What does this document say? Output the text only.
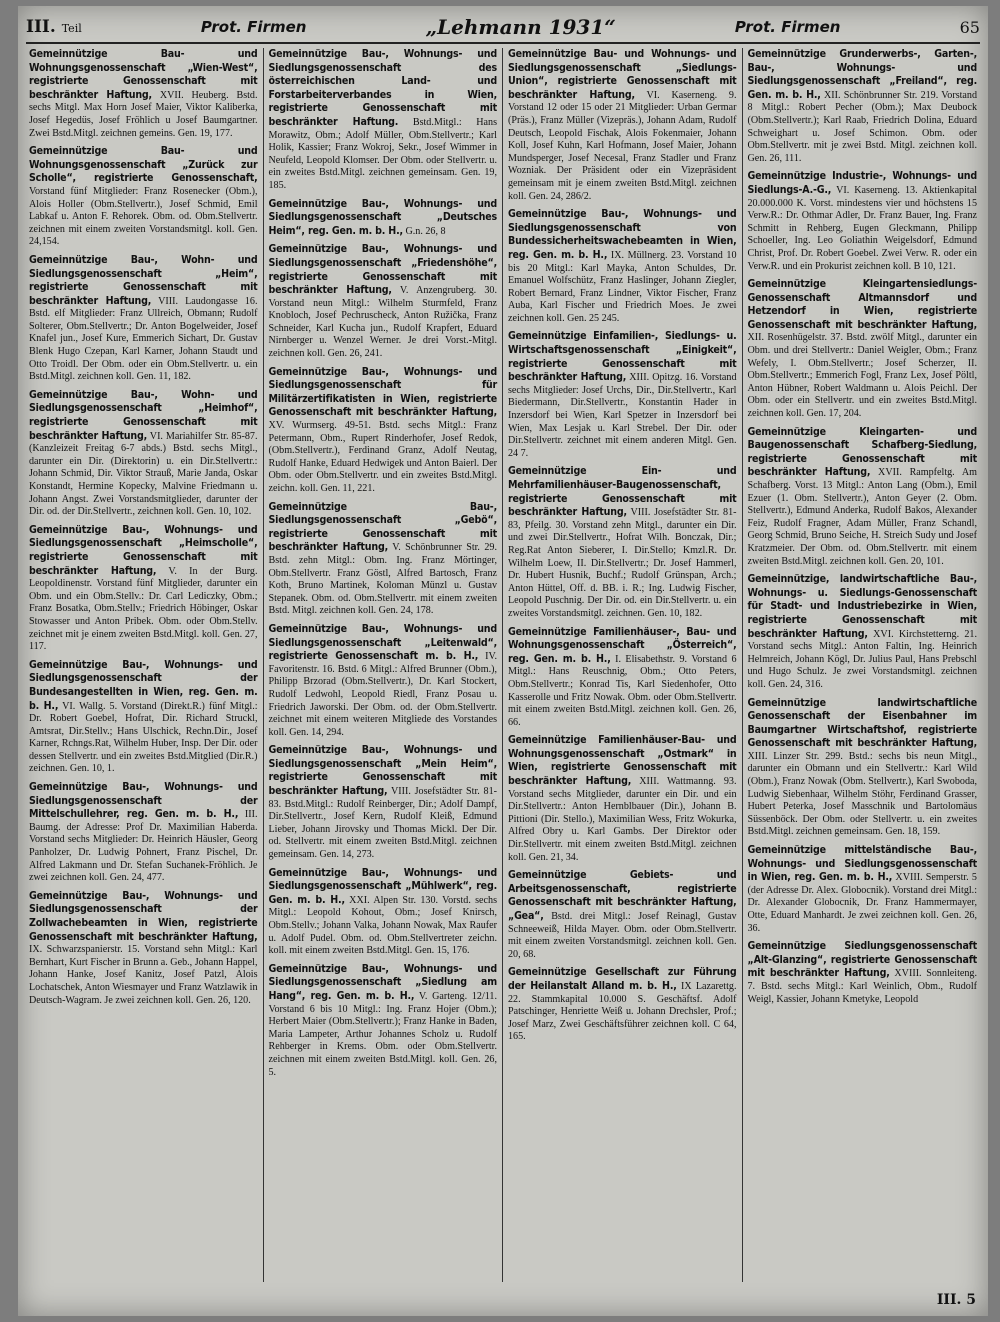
III. Teil	Prot. Firmen	„Lehmann 1931“	Prot. Firmen	65

Gemeinnützige Bau- und Wohnungsgenossenschaft „Wien-West“, registrierte Genossenschaft mit beschränkter Haftung, XVII. Heuberg. Bstd. sechs Mitgl. Max Horn Josef Maier, Viktor Kaliberka, Josef Hegedüs, Josef Fröhlich u Josef Baumgartner. Zwei Bstd.Mitgl. zeichnen gemeins. Gen. 19, 177.

Gemeinnützige Bau- und Wohnungsgenossenschaft „Zurück zur Scholle“, registrierte Genossenschaft, Vorstand fünf Mitglieder: Franz Rosenecker (Obm.), Alois Holler (Obm.Stellvertr.), Josef Schmid, Emil Labkaf u. Anton F. Rehorek. Obm. od. Obm.Stellvertr. zeichnen mit einem zweiten Vorstandsmitgl. koll. Gen. 24,154.

Gemeinnützige Bau-, Wohn- und Siedlungsgenossenschaft „Heim“, registrierte Genossenschaft mit beschränkter Haftung, VIII. Laudongasse 16. Bstd. elf Mitglieder: Franz Ullreich, Obmann; Rudolf Solterer, Obm.Stellvertr.; Dr. Anton Bogelweider, Josef Knafel jun., Josef Kure, Emmerich Sichart, Dr. Gustav Blenk Hugo Czepan, Karl Karner, Johann Staudt und Otto Troidl. Der Obm. oder ein Obm.Stellvertr. u. ein Bstd.Mitgl. zeichnen koll. Gen. 11, 182.

Gemeinnützige Bau-, Wohn- und Siedlungsgenossenschaft „Heimhof“, registrierte Genossenschaft mit beschränkter Haftung, VI. Mariahilfer Str. 85-87. (Kanzleizeit Freitag 6-7 abds.) Bstd. sechs Mitgl., darunter ein Dir. (Direktorin) u. ein Dir.Stellvertr.: Johann Schmid, Dir. Viktor Strauß, Marie Janda, Oskar Konstandt, Hermine Kopecky, Malvine Friedmann u. Johann Angst. Zwei Vorstandsmitglieder, darunter der Dir. od. der Dir.Stellvertr., zeichnen koll. Gen. 10, 102.

Gemeinnützige Bau-, Wohnungs- und Siedlungsgenossenschaft „Heimscholle“, registrierte Genossenschaft mit beschränkter Haftung, V. In der Burg. Leopoldinenstr. Vorstand fünf Mitglieder, darunter ein Obm. und ein Obm.Stellv.: Dr. Carl Lediczky, Obm.; Franz Bosatka, Obm.Stellv.; Friedrich Höbinger, Oskar Stowasser und Anton Pribek. Obm. oder Obm.Stellv. zeichnet mit je einem zweiten Bstd.Mitgl. koll. Gen. 27, 117.

Gemeinnützige Bau-, Wohnungs- und Siedlungsgenossenschaft der Bundesangestellten in Wien, reg. Gen. m. b. H., VI. Wallg. 5. Vorstand (Direkt.R.) fünf Mitgl.: Dr. Robert Goebel, Hofrat, Dir. Richard Struckl, Amtsrat, Dir.Stellv.; Hans Ulschick, Rechn.Dir., Josef Karner, Rchngs.Rat, Wilhelm Huber, Insp. Der Dir. oder dessen Stellvertr. und ein zweites Bstd.Mitglied (Dir.R.) zeichnen. Gen. 10, 1.

Gemeinnützige Bau-, Wohnungs- und Siedlungsgenossenschaft der Mittelschullehrer, reg. Gen. m. b. H., III. Baumg. der Adresse: Prof Dr. Maximilian Haberda. Vorstand sechs Mitglieder: Dr. Heinrich Häusler, Georg Panholzer, Dr. Ludwig Pohnert, Franz Pischel, Dr. Alfred Lakmann und Dr. Stefan Suchanek-Fröhlich. Je zwei zeichnen koll. Gen. 24, 477.

Gemeinnützige Bau-, Wohnungs- und Siedlungsgenossenschaft der Zollwachebeamten in Wien, registrierte Genossenschaft mit beschränkter Haftung, IX. Schwarzspanierstr. 15. Vorstand sehn Mitgl.: Karl Bernhart, Kurt Fischer in Brunn a. Geb., Johann Happel, Johann Hanke, Josef Kanitz, Josef Patzl, Alois Lochatschek, Anton Wiesmayer und Franz Watzlawik in Deutsch-Wagram. Je zwei zeichnen koll. Gen. 26, 120.

Gemeinnützige Bau-, Wohnungs- und Siedlungsgenossenschaft des österreichischen Land- und Forstarbeiterverbandes in Wien, registrierte Genossenschaft mit beschränkter Haftung. Bstd.Mitgl.: Hans Morawitz, Obm.; Adolf Müller, Obm.Stellvertr.; Karl Holik, Kassier; Franz Wokroj, Sekr., Josef Wimmer in Neufeld, Leopold Klomser. Der Obm. oder Stellvertr. u. ein zweites Bstd.Mitgl. zeichnen gemeinsam. Gen. 19, 185.

Gemeinnützige Bau-, Wohnungs- und Siedlungsgenossenschaft „Deutsches Heim“, reg. Gen. m. b. H., G.n. 26, 8

Gemeinnützige Bau-, Wohnungs- und Siedlungsgenossenschaft „Friedenshöhe“, registrierte Genossenschaft mit beschränkter Haftung, V. Anzengruberg. 30. Vorstand neun Mitgl.: Wilhelm Sturmfeld, Franz Knobloch, Josef Pechruscheck, Anton Ružička, Franz Schneider, Karl Kucha jun., Rudolf Krapfert, Eduard Nirnberger u. Wenzel Werner. Je drei Vorst.-Mitgl. zeichnen koll. Gen. 26, 241.

Gemeinnützige Bau-, Wohnungs- und Siedlungsgenossenschaft für Militärzertifikatisten in Wien, registrierte Genossenschaft mit beschränkter Haftung, XV. Wurmserg. 49-51. Bstd. sechs Mitgl.: Franz Petermann, Obm., Rupert Rinderhofer, Josef Redok, (Obm.Stellvertr.), Ferdinand Granz, Adolf Neutag, Rudolf Hanke, Eduard Hedwigek und Anton Baierl. Der Obm. oder Obm.Stellvertr. und ein zweites Bstd.Mitgl. zeichn. koll. Gen. 11, 221.

Gemeinnützige Bau-, Siedlungsgenossenschaft „Gebö“, registrierte Genossenschaft mit beschränkter Haftung, V. Schönbrunner Str. 29. Bstd. zehn Mitgl.: Obm. Ing. Franz Mörtinger, Obm.Stellvertr. Franz Göstl, Alfred Bartosch, Franz Koth, Bruno Martinek, Koloman Münzl u. Gustav Stepanek. Obm. od. Obm.Stellvertr. mit einem zweiten Bstd. Mitgl. zeichnen koll. Gen. 24, 178.

Gemeinnützige Bau-, Wohnungs- und Siedlungsgenossenschaft „Leitenwald“, registrierte Genossenschaft m. b. H., IV. Favoritenstr. 16. Bstd. 6 Mitgl.: Alfred Brunner (Obm.), Philipp Brzorad (Obm.Stellvertr.), Dr. Karl Stockert, Rudolf Ledwohl, Leopold Riedl, Franz Posau u. Friedrich Jaworski. Der Obm. od. der Obm.Stellvertr. zeichnet mit einem weiteren Mitgliede des Vorstandes koll. Gen. 14, 294.

Gemeinnützige Bau-, Wohnungs- und Siedlungsgenossenschaft „Mein Heim“, registrierte Genossenschaft mit beschränkter Haftung, VIII. Josefstädter Str. 81-83. Bstd.Mitgl.: Rudolf Reinberger, Dir.; Adolf Dampf, Dir.Stellvertr., Josef Kern, Rudolf Kleiß, Edmund Lieber, Johann Jirovsky und Thomas Mickl. Der Dir. od. Stellvertr. mit einem zweiten Bstd.Mitgl. zeichnen gemeinsam. Gen. 14, 273.

Gemeinnützige Bau-, Wohnungs- und Siedlungsgenossenschaft „Mühlwerk“, reg. Gen. m. b. H., XXI. Alpen Str. 130. Vorstd. sechs Mitgl.: Leopold Kohout, Obm.; Josef Knirsch, Obm.Stellv.; Johann Valka, Johann Nowak, Max Raufer u. Adolf Pudel. Obm. od. Obm.Stellvertreter zeichn. koll. mit einem zweiten Bstd.Mitgl. Gen. 15, 176.

Gemeinnützige Bau-, Wohnungs- und Siedlungsgenossenschaft „Siedlung am Hang“, reg. Gen. m. b. H., V. Garteng. 12/11. Vorstand 6 bis 10 Mitgl.: Ing. Franz Hojer (Obm.); Herbert Maier (Obm.Stellvertr.); Franz Hanke in Baden, Maria Lampeter, Arthur Johannes Scholz u. Rudolf Rehberger in Krems. Obm. oder Obm.Stellvertr. zeichnen mit einem zweiten Bstd.Mitgl. koll. Gen. 26, 5.

Gemeinnützige Bau- und Wohnungs- und Siedlungsgenossenschaft „Siedlungs-Union“, registrierte Genossenschaft mit beschränkter Haftung, VI. Kaserneng. 9. Vorstand 12 oder 15 oder 21 Mitglieder: Urban Germar (Präs.), Franz Müller (Vizepräs.), Johann Adam, Rudolf Deutsch, Leopold Fischak, Alois Fokenmaier, Johann Koll, Josef Kuhn, Karl Hofmann, Josef Maier, Johann Mundsperger, Josef Necesal, Franz Stadler und Franz Wozniak. Der Präsident oder ein Vizepräsident gemeinsam mit je einem zweiten Bstd.Mitgl. zeichnen koll. Gen. 24, 286/2.

Gemeinnützige Bau-, Wohnungs- und Siedlungsgenossenschaft von Bundessicherheitswachebeamten in Wien, reg. Gen. m. b. H., IX. Müllnerg. 23. Vorstand 10 bis 20 Mitgl.: Karl Mayka, Anton Schuldes, Dr. Emanuel Wolfschütz, Franz Haslinger, Johann Ziegler, Robert Bernard, Franz Lindner, Viktor Fischer, Franz Auba, Karl Fischer und Friedrich Moes. Je zwei zeichnen koll. Gen. 25 245.

Gemeinnützige Einfamilien-, Siedlungs- u. Wirtschaftsgenossenschaft „Einigkeit“, registrierte Genossenschaft mit beschränkter Haftung, XIII. Opitzg. 16. Vorstand sechs Mitglieder: Josef Urchs, Dir., Dir.Stellvertr., Karl Biedermann, Dir.Stellvertr., Konstantin Hader in Inzersdorf bei Wien, Karl Spetzer in Inzersdorf bei Wien, Max Lesjak u. Karl Strebel. Der Dir. oder Dir.Stellvertr. zeichnet mit einem anderen Mitgl. Gen. 24 7.

Gemeinnützige Ein- und Mehrfamilienhäuser-Baugenossenschaft, registrierte Genossenschaft mit beschränkter Haftung, VIII. Josefstädter Str. 81-83, Pfeilg. 30. Vorstand zehn Mitgl., darunter ein Dir. und zwei Dir.Stellvertr., Hofrat Wilh. Bonczak, Dir.; Reg.Rat Anton Sieberer, I. Dir.Stello; Kmzl.R. Dr. Wilhelm Loew, II. Dir.Stellvertr.; Dr. Josef Hammerl, Dr. Hubert Husnik, Buchf.; Rudolf Grünspan, Arch.; Anton Hüttel, Off. d. BB. i. R.; Ing. Ludwig Fischer, Leopold Puschnig. Der Dir. od. ein Dir.Stellvertr. u. ein zweites Vorstandsmitgl. zeichnen. Gen. 10, 182.

Gemeinnützige Familienhäuser-, Bau- und Wohnungsgenossenschaft „Österreich“, reg. Gen. m. b. H., I. Elisabethstr. 9. Vorstand 6 Mitgl.: Hans Reuschnig, Obm.; Otto Peters, Obm.Stellvertr.; Konrad Tis, Karl Siedenhofer, Otto Kasserolle und Fritz Nowak. Obm. oder Obm.Stellvertr. mit einem zweiten Bstd.Mitgl. zeichnen koll. Gen. 26, 66.

Gemeinnützige Familienhäuser-Bau- und Wohnungsgenossenschaft „Ostmark“ in Wien, registrierte Genossenschaft mit beschränkter Haftung, XIII. Wattmanng. 93. Vorstand sechs Mitglieder, darunter ein Dir. und ein Dir.Stellvertr.: Anton Hernblbauer (Dir.), Johann B. Pittioni (Dir. Stello.), Maximilian Wess, Fritz Wokurka, Alfred Obry u. Karl Gambs. Der Direktor oder Dir.Stellvertr. mit einem zweiten Bstd.Mitgl. zeichnen koll. Gen. 21, 34.

Gemeinnützige Gebiets- und Arbeitsgenossenschaft, registrierte Genossenschaft mit beschränkter Haftung, „Gea“, Bstd. drei Mitgl.: Josef Reinagl, Gustav Schneeweiß, Hilda Mayer. Obm. oder Obm.Stellvertr. mit einem zweiten Vorstandsmitgl. zeichnen koll. Gen. 20, 68.

Gemeinnützige Gesellschaft zur Führung der Heilanstalt Alland m. b. H., IX Lazarettg. 22. Stammkapital 10.000 S. Geschäftsf. Adolf Patschinger, Henriette Weiß u. Johann Drechsler, Prof.; Josef Marz, Zwei Geschäftsführer zeichnen koll. C 64, 165.

Gemeinnützige Grunderwerbs-, Garten-, Bau-, Wohnungs- und Siedlungsgenossenschaft „Freiland“, reg. Gen. m. b. H., XII. Schönbrunner Str. 219. Vorstand 8 Mitgl.: Robert Pecher (Obm.); Max Deubock (Obm.Stellvertr.); Karl Raab, Friedrich Dolina, Eduard Schweighart u. Josef Schimon. Obm. oder Obm.Stellvertr. mit je zwei Bstd. Mitgl. zeichnen koll. Gen. 26, 111.

Gemeinnützige Industrie-, Wohnungs- und Siedlungs-A.-G., VI. Kaserneng. 13. Aktienkapital 20.000.000 K. Vorst. mindestens vier und höchstens 15 Verw.R.: Dr. Othmar Adler, Dr. Franz Bauer, Ing. Franz Schmitt in Rehberg, Eugen Gleckmann, Philipp Schoeller, Ing. Leo Goliathin Weigelsdorf, Edmund Christ, Prof. Dr. Robert Goebel. Zwei Verw. R. oder ein Verw.R. und ein Prokurist zeichnen koll. B 10, 121.

Gemeinnützige Kleingartensiedlungs-Genossenschaft Altmannsdorf und Hetzendorf in Wien, registrierte Genossenschaft mit beschränkter Haftung, XII. Rosenhügelstr. 37. Bstd. zwölf Mitgl., darunter ein Obm. und drei Stellvertr.: Daniel Weigler, Obm.; Franz Wefely, I. Obm.Stellvertr.; Josef Scherzer, II. Obm.Stellvertr.; Emmerich Fogl, Franz Lex, Josef Pöltl, Anton Hübner, Robert Waldmann u. Alois Peichl. Der Obm. oder ein Stellvertr. und ein zweites Bstd.Mitgl. zeichnen koll. Gen. 17, 204.

Gemeinnützige Kleingarten- und Baugenossenschaft Schafberg-Siedlung, registrierte Genossenschaft mit beschränkter Haftung, XVII. Rampfeltg. Am Schafberg. Vorst. 13 Mitgl.: Anton Lang (Obm.), Emil Ezuer (1. Obm. Stellvertr.), Anton Geyer (2. Obm. Stellvertr.), Edmund Anderka, Rudolf Bakos, Alexander Feiz, Rudolf Fragner, Adam Müller, Franz Schandl, Georg Schmid, Bruno Seiche, H. Streich Sudy und Josef Kratzmeier. Der Obm. od. Obm.Stellvertr. mit einem zweiten Bstd.Mitgl. zeichnen koll. Gen. 20, 101.

Gemeinnützige, landwirtschaftliche Bau-, Wohnungs- u. Siedlungs-Genossenschaft für Stadt- und Industriebezirke in Wien, registrierte Genossenschaft mit beschränkter Haftung, XVI. Kirchstetterng. 21. Vorstand sechs Mitgl.: Anton Faltin, Ing. Heinrich Helmreich, Johann Kögl, Dr. Julius Paul, Hans Prebschl und Hugo Schulz. Je zwei Vorstandsmitgl. zeichnen koll. Gen. 24, 316.

Gemeinnützige landwirtschaftliche Genossenschaft der Eisenbahner im Baumgartner Wirtschaftshof, registrierte Genossenschaft mit beschränkter Haftung, XIII. Linzer Str. 299. Bstd.: sechs bis neun Mitgl., darunter ein Obmann und ein Stellvertr.: Karl Wild (Obm.), Franz Nowak (Obm. Stellvertr.), Karl Swoboda, Ludwig Siebenhaar, Wilhelm Stöhr, Ferdinand Grasser, Hubert Peterka, Josef Masschnik und Bartolomäus Süssenböck. Der Obm. oder Stellvertr. u. ein zweites Bstd.Mitgl. zeichnen gemeinsam. Gen. 18, 159.

Gemeinnützige mittelständische Bau-, Wohnungs- und Siedlungsgenossenschaft in Wien, reg. Gen. m. b. H., XVIII. Semperstr. 5 (der Adresse Dr. Alex. Globocnik). Vorstand drei Mitgl.: Dr. Alexander Globocnik, Dr. Franz Hammermayer, Otte, Eduard Manhardt. Je zwei zeichnen koll. Gen. 26, 36.

Gemeinnützige Siedlungsgenossenschaft „Alt-Glanzing“, registrierte Genossenschaft mit beschränkter Haftung, XVIII. Sonnleiteng. 7. Bstd. sechs Mitgl.: Karl Weinlich, Obm., Rudolf Weigl, Kassier, Johann Kmetyke, Leopold

III. 5
